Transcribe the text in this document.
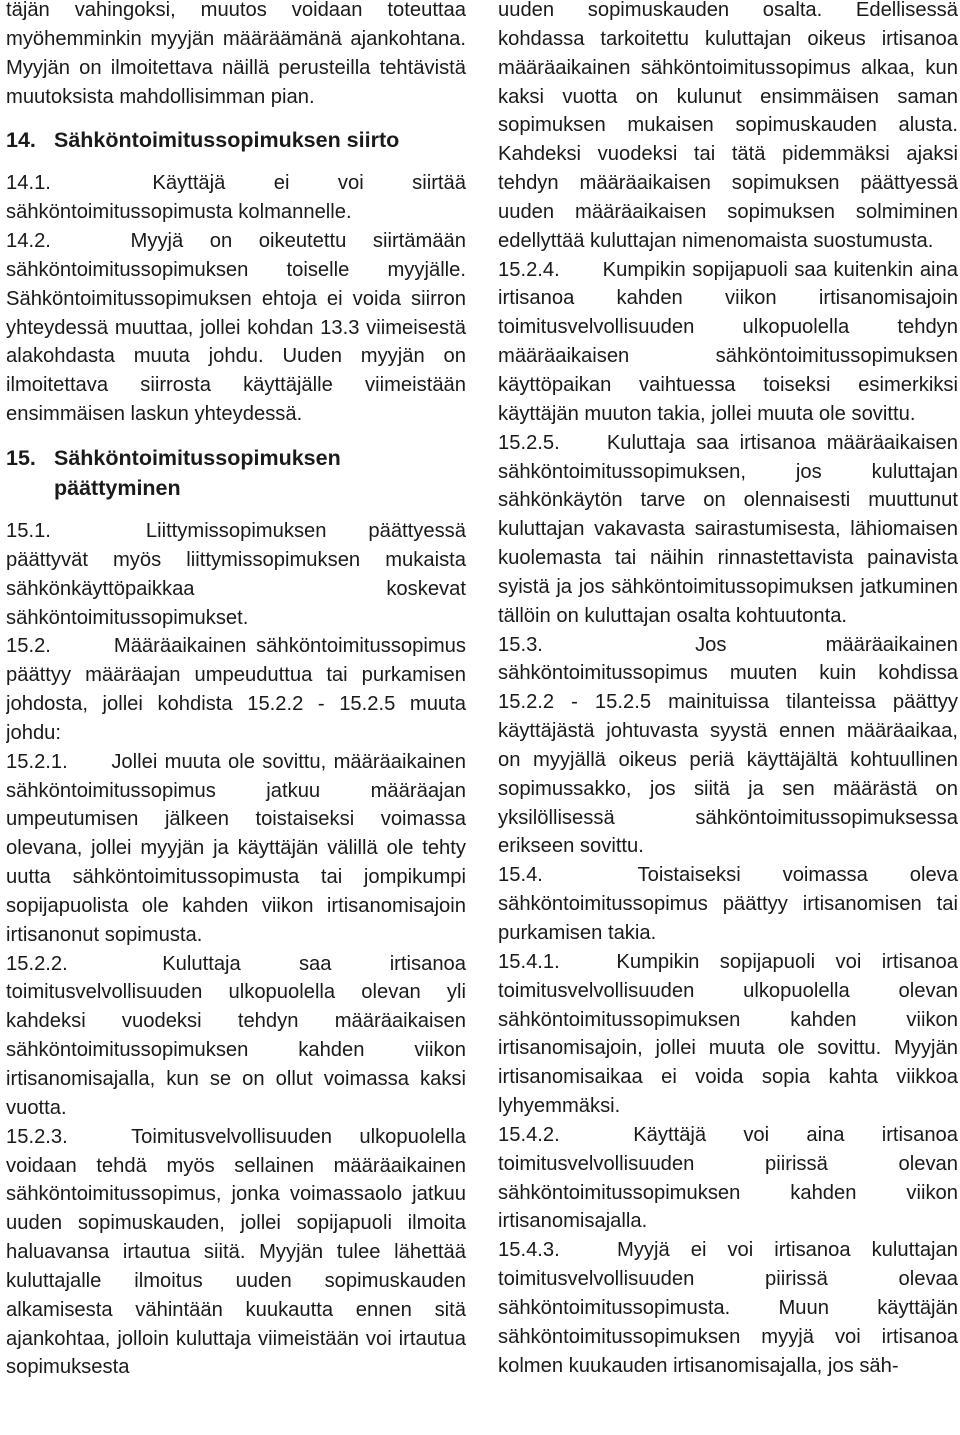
täjän vahingoksi, muutos voidaan toteuttaa myöhemminkin myyjän määräämänä ajankohtana. Myyjän on ilmoitettava näillä perusteilla tehtävistä muutoksista mahdollisimman pian.

14. Sähköntoimitussopimuksen siirto

14.1.	Käyttäjä ei voi siirtää sähköntoimitussopimusta kolmannelle.

14.2.	Myyjä on oikeutettu siirtämään sähköntoimitussopimuksen toiselle myyjälle. Sähköntoimitussopimuksen ehtoja ei voida siirron yhteydessä muuttaa, jollei kohdan 13.3 viimeisestä alakohdasta muuta johdu. Uuden myyjän on ilmoitettava siirrosta käyttäjälle viimeistään ensimmäisen laskun yhteydessä.

15. Sähköntoimitussopimuksen päättyminen

15.1.	Liittymissopimuksen päättyessä päättyvät myös liittymissopimuksen mukaista sähkönkäyttöpaikkaa koskevat sähköntoimitussopimukset.

15.2.	Määräaikainen sähköntoimitussopimus päättyy määräajan umpeuduttua tai purkamisen johdosta, jollei kohdista 15.2.2 - 15.2.5 muuta johdu:

15.2.1. Jollei muuta ole sovittu, määräaikainen sähköntoimitussopimus jatkuu määräajan umpeutumisen jälkeen toistaiseksi voimassa olevana, jollei myyjän ja käyttäjän välillä ole tehty uutta sähköntoimitussopimusta tai jompikumpi sopijapuolista ole kahden viikon irtisanomisajoin irtisanonut sopimusta.

15.2.2.	Kuluttaja saa irtisanoa toimitusvelvollisuuden ulkopuolella olevan yli kahdeksi vuodeksi tehdyn määräaikaisen sähköntoimitussopimuksen kahden viikon irtisanomisajalla, kun se on ollut voimassa kaksi vuotta.

15.2.3.	Toimitusvelvollisuuden ulkopuolella voidaan tehdä myös sellainen määräaikainen sähköntoimitussopimus, jonka voimassaolo jatkuu uuden sopimuskauden, jollei sopijapuoli ilmoita haluavansa irtautua siitä. Myyjän tulee lähettää kuluttajalle ilmoitus uuden sopimuskauden alkamisesta vähintään kuukautta ennen sitä ajankohtaa, jolloin kuluttaja viimeistään voi irtautua sopimuksesta

uuden sopimuskauden osalta. Edellisessä kohdassa tarkoitettu kuluttajan oikeus irtisanoa määräaikainen sähköntoimitussopimus alkaa, kun kaksi vuotta on kulunut ensimmäisen saman sopimuksen mukaisen sopimuskauden alusta. Kahdeksi vuodeksi tai tätä pidemmäksi ajaksi tehdyn määräaikaisen sopimuksen päättyessä uuden määräaikaisen sopimuksen solmiminen edellyttää kuluttajan nimenomaista suostumusta.

15.2.4. Kumpikin sopijapuoli saa kuitenkin aina irtisanoa kahden viikon irtisanomisajoin toimitusvelvollisuuden ulkopuolella tehdyn määräaikaisen sähköntoimitussopimuksen käyttöpaikan vaihtuessa toiseksi esimerkiksi käyttäjän muuton takia, jollei muuta ole sovittu.

15.2.5. Kuluttaja saa irtisanoa määräaikaisen sähköntoimitussopimuksen, jos kuluttajan sähkönkäytön tarve on olennaisesti muuttunut kuluttajan vakavasta sairastumisesta, lähiomaisen kuolemasta tai näihin rinnastettavista painavista syistä ja jos sähköntoimitussopimuksen jatkuminen tällöin on kuluttajan osalta kohtuutonta.

15.3.	Jos määräaikainen sähköntoimitussopimus muuten kuin kohdissa 15.2.2 - 15.2.5 mainituissa tilanteissa päättyy käyttäjästä johtuvasta syystä ennen määräaikaa, on myyjällä oikeus periä käyttäjältä kohtuullinen sopimussakko, jos siitä ja sen määrästä on yksilöllisessä sähköntoimitussopimuksessa erikseen sovittu.

15.4.	Toistaiseksi voimassa oleva sähköntoimitussopimus päättyy irtisanomisen tai purkamisen takia.

15.4.1.	Kumpikin sopijapuoli voi irtisanoa toimitusvelvollisuuden ulkopuolella olevan sähköntoimitussopimuksen kahden viikon irtisanomisajoin, jollei muuta ole sovittu. Myyjän irtisanomisaikaa ei voida sopia kahta viikkoa lyhyemmäksi.

15.4.2.	Käyttäjä voi aina irtisanoa toimitusvelvollisuuden piirissä olevan sähköntoimitussopimuksen kahden viikon irtisanomisajalla.

15.4.3.	Myyjä ei voi irtisanoa kuluttajan toimitusvelvollisuuden piirissä olevaa sähköntoimitussopimusta. Muun käyttäjän sähköntoimitussopimuksen myyjä voi irtisanoa kolmen kuukauden irtisanomisajalla, jos säh-
